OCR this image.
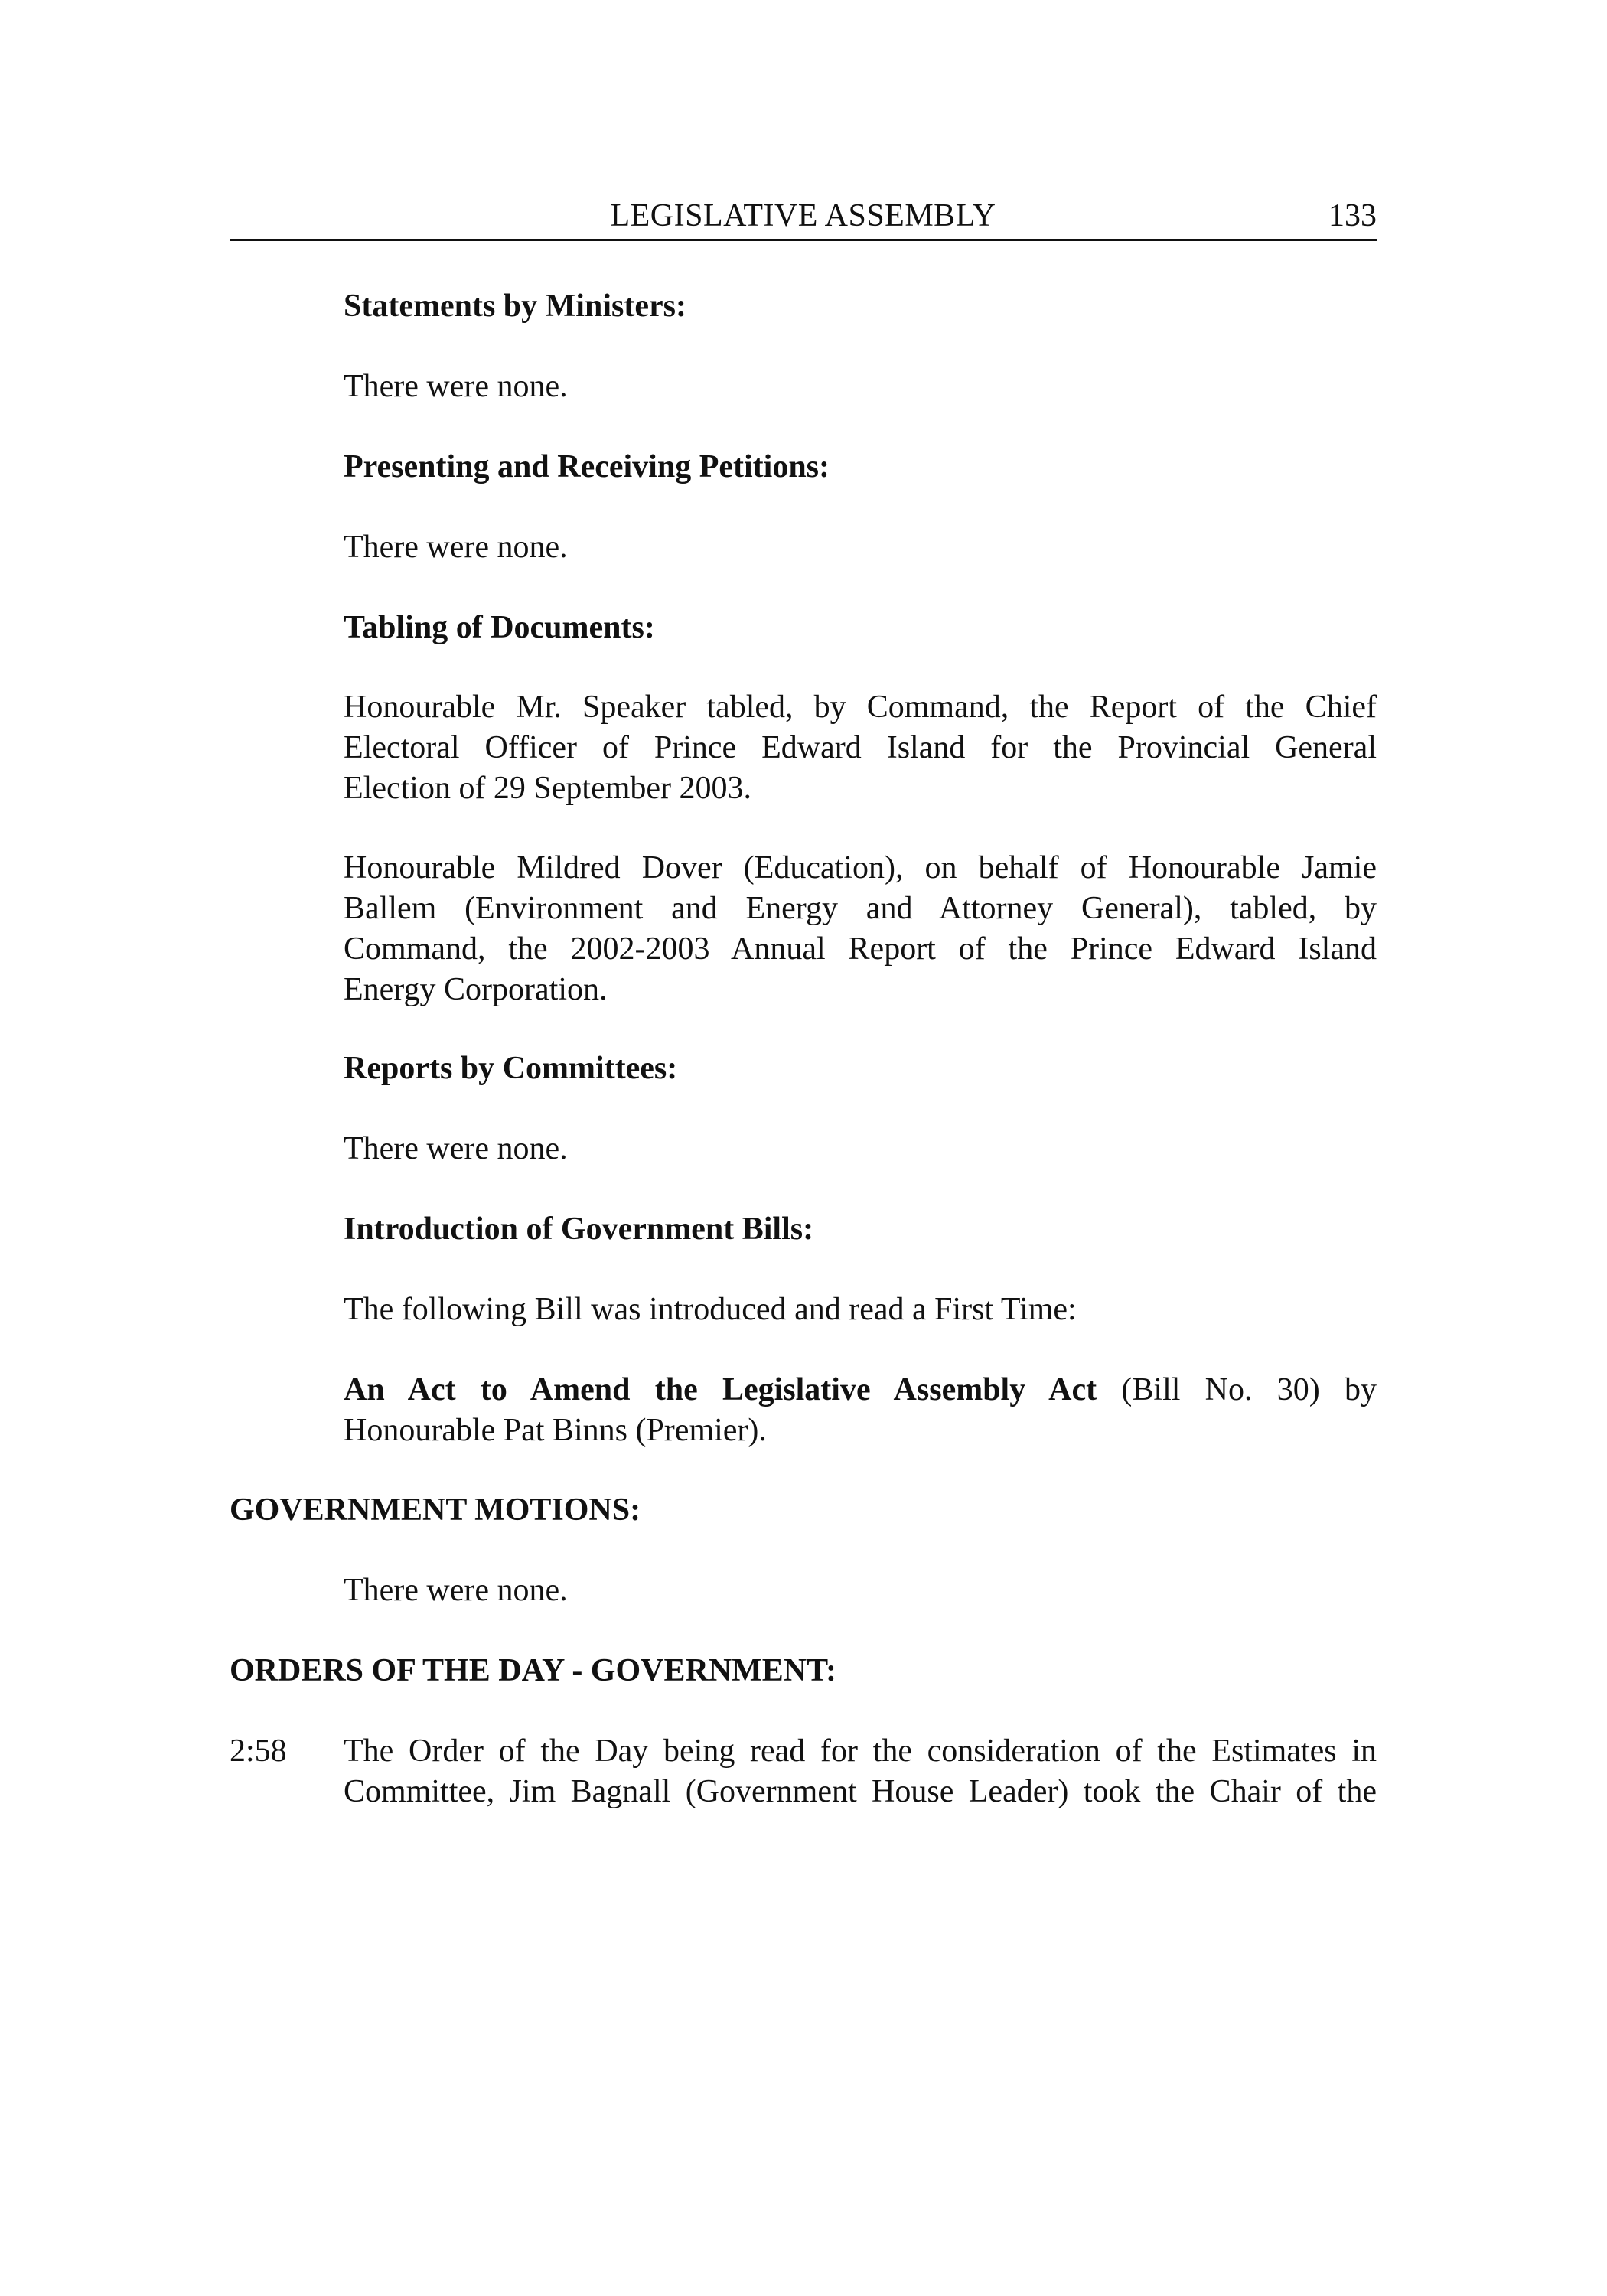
LEGISLATIVE ASSEMBLY	133

Statements by Ministers:

There were none.

Presenting and Receiving Petitions:

There were none.

Tabling of Documents:

Honourable Mr. Speaker tabled, by Command, the Report of the Chief
Electoral Officer of Prince Edward Island for the Provincial General
Election of 29 September 2003.
Honourable Mildred Dover (Education), on behalf of Honourable Jamie
Ballem (Environment and Energy and Attorney General), tabled, by
Command, the 2002-2003 Annual Report of the Prince Edward Island
Energy Corporation.

Reports by Committees:

There were none.

Introduction of Government Bills:

The following Bill was introduced and read a First Time:

An Act to Amend the Legislative Assembly Act (Bill No. 30) by
Honourable Pat Binns (Premier).

GOVERNMENT MOTIONS:

There were none.

ORDERS OF THE DAY - GOVERNMENT:

2:58 The Order of the Day being read for the consideration of the Estimates in
Committee, Jim Bagnall (Government House Leader) took the Chair of the
